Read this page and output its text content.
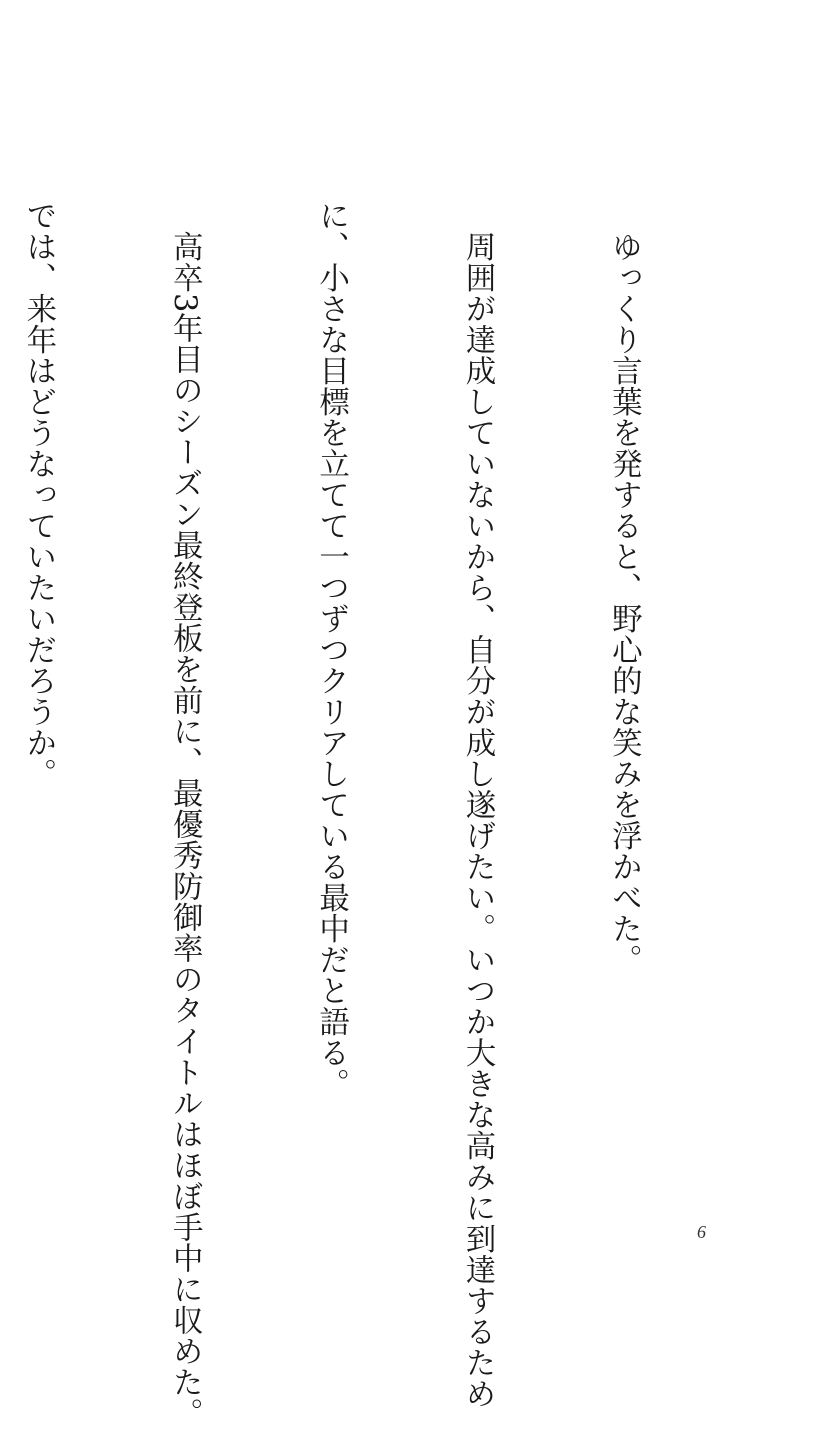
　ゆっくり言葉を発すると、野心的な笑みを浮かべた。

　周囲が達成していないから、自分が成し遂げたい。いつか大きな高みに到達するため

に、小さな目標を立てて一つずつクリアしている最中だと語る。

　高卒3年目のシーズン最終登板を前に、最優秀防御率のタイトルはほぼ手中に収めた。

では、来年はどうなっていたいだろうか。

6
